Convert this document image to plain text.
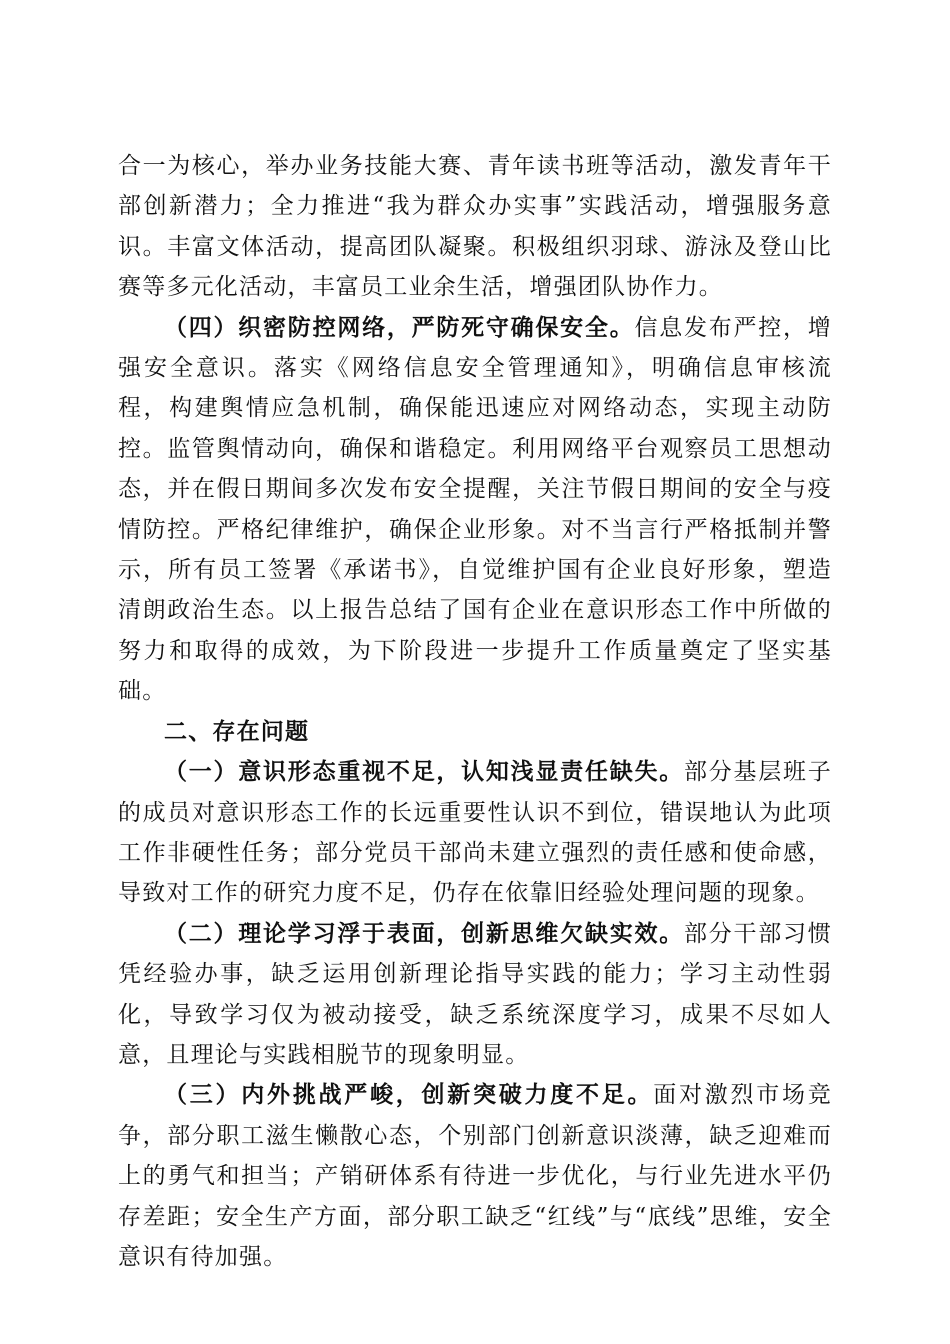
合一为核心，举办业务技能大赛、青年读书班等活动，激发青年干部创新潜力；全力推进“我为群众办实事”实践活动，增强服务意识。丰富文体活动，提高团队凝聚。积极组织羽球、游泳及登山比赛等多元化活动，丰富员工业余生活，增强团队协作力。

（四）织密防控网络，严防死守确保安全。信息发布严控，增强安全意识。落实《网络信息安全管理通知》，明确信息审核流程，构建舆情应急机制，确保能迅速应对网络动态，实现主动防控。监管舆情动向，确保和谐稳定。利用网络平台观察员工思想动态，并在假日期间多次发布安全提醒，关注节假日期间的安全与疫情防控。严格纪律维护，确保企业形象。对不当言行严格抵制并警示，所有员工签署《承诺书》，自觉维护国有企业良好形象，塑造清朗政治生态。以上报告总结了国有企业在意识形态工作中所做的努力和取得的成效，为下阶段进一步提升工作质量奠定了坚实基础。

二、存在问题

（一）意识形态重视不足，认知浅显责任缺失。部分基层班子的成员对意识形态工作的长远重要性认识不到位，错误地认为此项工作非硬性任务；部分党员干部尚未建立强烈的责任感和使命感，导致对工作的研究力度不足，仍存在依靠旧经验处理问题的现象。

（二）理论学习浮于表面，创新思维欠缺实效。部分干部习惯凭经验办事，缺乏运用创新理论指导实践的能力；学习主动性弱化，导致学习仅为被动接受，缺乏系统深度学习，成果不尽如人意，且理论与实践相脱节的现象明显。

（三）内外挑战严峻，创新突破力度不足。面对激烈市场竞争，部分职工滋生懒散心态，个别部门创新意识淡薄，缺乏迎难而上的勇气和担当；产销研体系有待进一步优化，与行业先进水平仍存差距；安全生产方面，部分职工缺乏“红线”与“底线”思维，安全意识有待加强。
